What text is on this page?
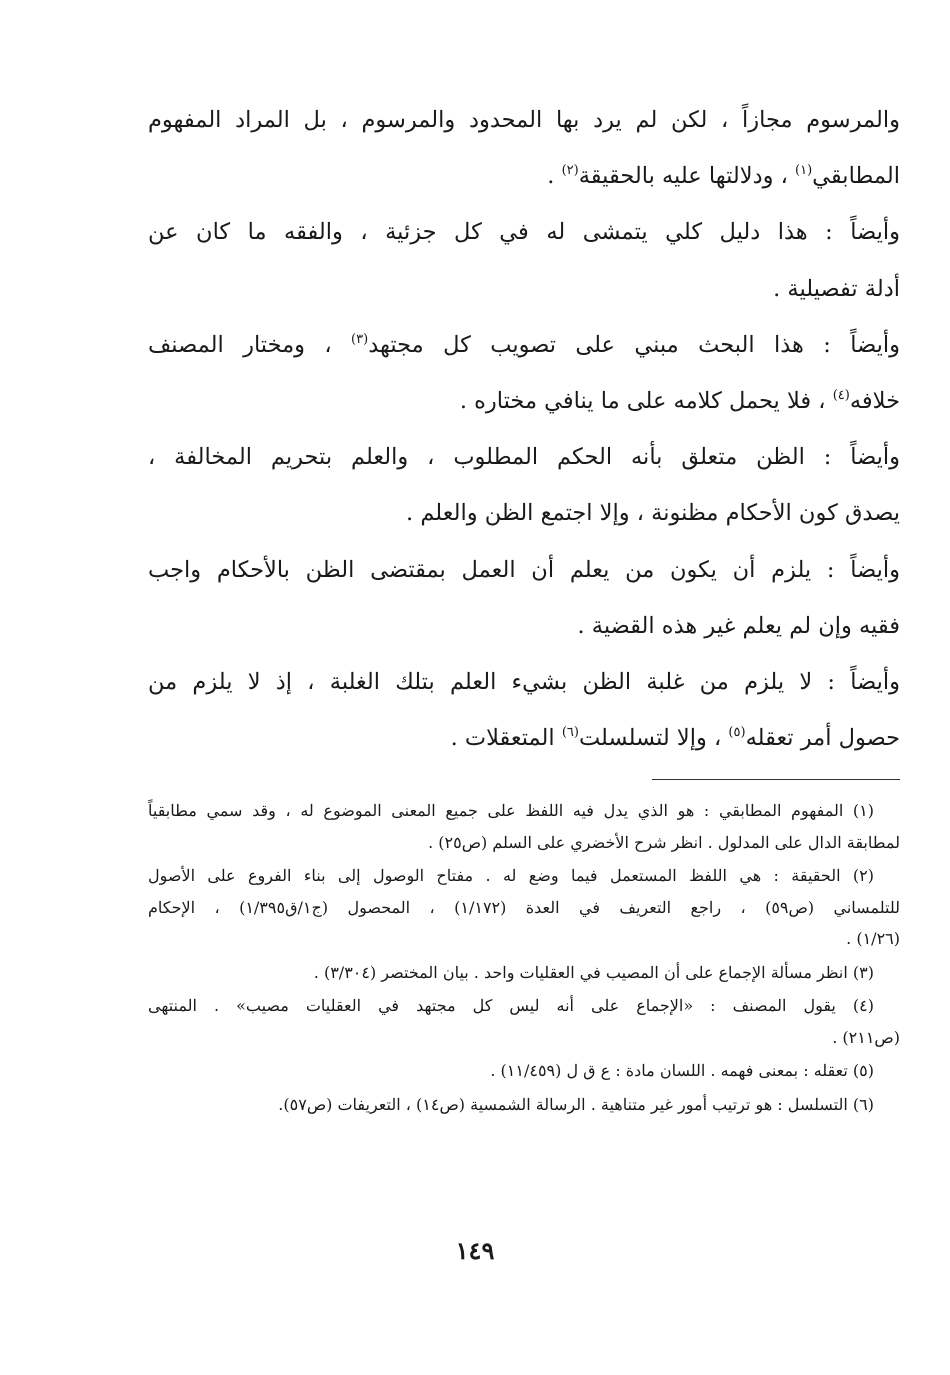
والمرسوم مجازاً ، لكن لم يرد بها المحدود والمرسوم ، بل المراد المفهوم
المطابقي$^{(١)}$ ، ودلالتها عليه بالحقيقة$^{(٢)}$ .
وأيضاً : هذا دليل كلي يتمشى له في كل جزئية ، والفقه ما كان عن
أدلة تفصيلية .
وأيضاً : هذا البحث مبني على تصويب كل مجتهد$^{(٣)}$ ، ومختار المصنف
خلافه$^{(٤)}$ ، فلا يحمل كلامه على ما ينافي مختاره .
وأيضاً : الظن متعلق بأنه الحكم المطلوب ، والعلم بتحريم المخالفة ،
يصدق كون الأحكام مظنونة ، وإلا اجتمع الظن والعلم .
وأيضاً : يلزم أن يكون من يعلم أن العمل بمقتضى الظن بالأحكام واجب
فقيه وإن لم يعلم غير هذه القضية .
وأيضاً : لا يلزم من غلبة الظن بشيء العلم بتلك الغلبة ، إذ لا يلزم من
حصول أمر تعقله$^{(٥)}$ ، وإلا لتسلسلت$^{(٦)}$ المتعقلات .
(١) المفهوم المطابقي : هو الذي يدل فيه اللفظ على جميع المعنى الموضوع له ، وقد سمي مطابقياً
لمطابقة الدال على المدلول . انظر شرح الأخضري على السلم (ص٢٥) .
(٢) الحقيقة : هي اللفظ المستعمل فيما وضع له . مفتاح الوصول إلى بناء الفروع على الأصول
للتلمساني (ص٥٩) ، راجع التعريف في العدة (١/١٧٢) ، المحصول (ج١/ق١/٣٩٥) ، الإحكام
(١/٢٦) .
(٣) انظر مسألة الإجماع على أن المصيب في العقليات واحد . بيان المختصر (٣/٣٠٤) .
(٤) يقول المصنف : «الإجماع على أنه ليس كل مجتهد في العقليات مصيب» . المنتهى
(ص٢١١) .
(٥) تعقله : بمعنى فهمه . اللسان مادة : ع ق ل (١١/٤٥٩) .
(٦) التسلسل : هو ترتيب أمور غير متناهية . الرسالة الشمسية (ص١٤) ، التعريفات (ص٥٧).
١٤٩
